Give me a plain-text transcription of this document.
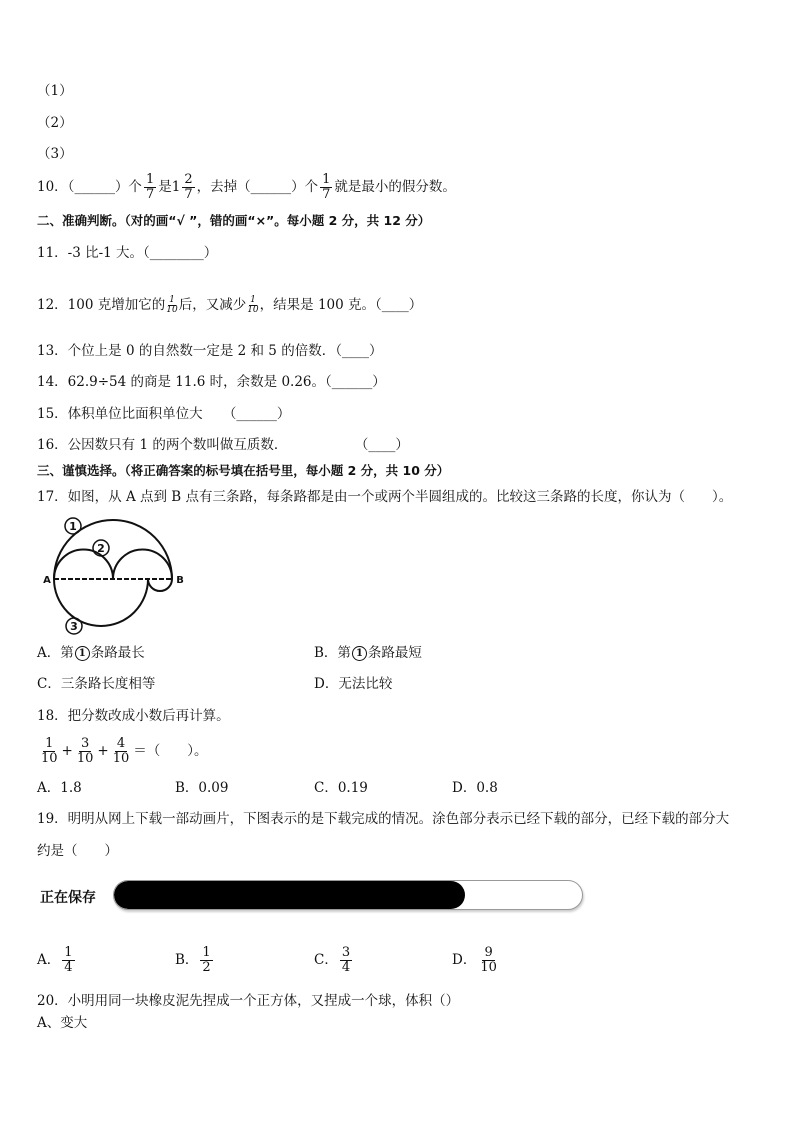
（1）
（2）
（3）
10．（______）个 $\frac{1}{7}$ 是$1 \frac{2}{7}$ ，去掉（______）个 $\frac{1}{7}$ 就是最小的假分数。
二、准确判断。（对的画“√ ”，错的画“×”。每小题 2 分，共 12 分）
11．-3 比-1 大。（________）
12．100 克增加它的 $\frac{1}{10}$ 后，又减少 $\frac{1}{10}$ ，结果是 100 克。（____）
13．个位上是 0 的自然数一定是 2 和 5 的倍数．（____）
14．62.9÷54 的商是 11.6 时，余数是 0.26。（______）
15．体积单位比面积单位大　　（______）
16．公因数只有 1 的两个数叫做互质数．　　　　　　（____）
三、谨慎选择。（将正确答案的标号填在括号里，每小题 2 分，共 10 分）
17．如图，从 A 点到 B 点有三条路，每条路都是由一个或两个半圆组成的。比较这三条路的长度，你认为（　　）。
1
2
3
A	B
A．第 1 条路最长	B．第 1 条路最短
C．三条路长度相等	D．无法比较
18．把分数改成小数后再计算。
$\frac{1}{10} + \frac{3}{10} + \frac{4}{10}$ ＝（　　）。
A．1.8	B．0.09	C．0.19	D．0.8
19．明明从网上下载一部动画片，下图表示的是下载完成的情况。涂色部分表示已经下载的部分，已经下载的部分大
约是（　　）
正在保存
A． $\frac{1}{4}$	B． $\frac{1}{2}$	C． $\frac{3}{4}$	D． $\frac{9}{10}$
20．小明用同一块橡皮泥先捏成一个正方体，又捏成一个球，体积（）
A、变大
